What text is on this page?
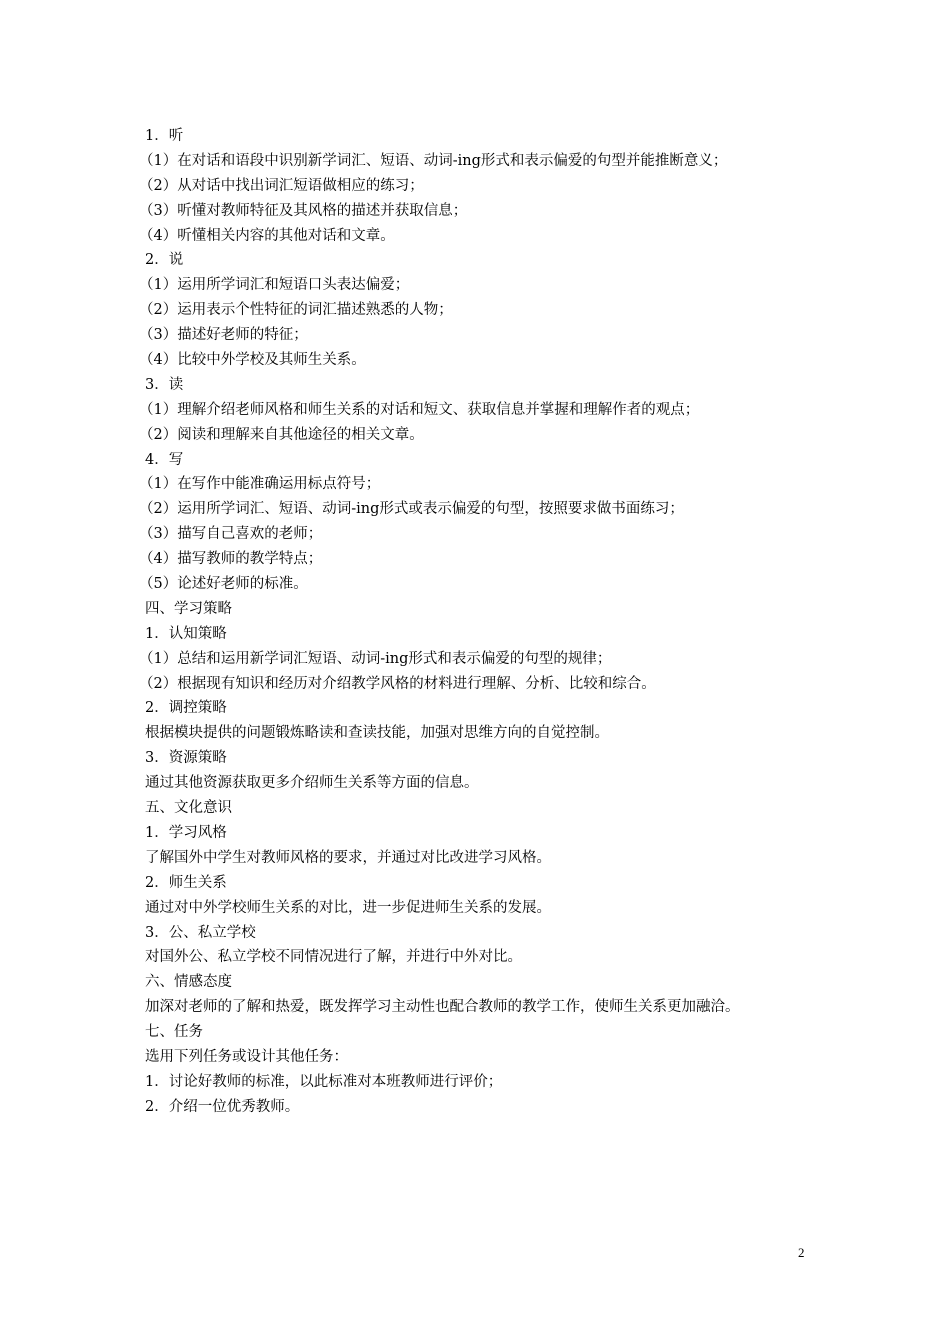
1．听
（1）在对话和语段中识别新学词汇、短语、动词-ing形式和表示偏爱的句型并能推断意义；
（2）从对话中找出词汇短语做相应的练习；
（3）听懂对教师特征及其风格的描述并获取信息；
（4）听懂相关内容的其他对话和文章。
2．说
（1）运用所学词汇和短语口头表达偏爱；
（2）运用表示个性特征的词汇描述熟悉的人物；
（3）描述好老师的特征；
（4）比较中外学校及其师生关系。
3．读
（1）理解介绍老师风格和师生关系的对话和短文、获取信息并掌握和理解作者的观点；
（2）阅读和理解来自其他途径的相关文章。
4．写
（1）在写作中能准确运用标点符号；
（2）运用所学词汇、短语、动词-ing形式或表示偏爱的句型，按照要求做书面练习；
（3）描写自己喜欢的老师；
（4）描写教师的教学特点；
（5）论述好老师的标准。
四、学习策略
1．认知策略
（1）总结和运用新学词汇短语、动词-ing形式和表示偏爱的句型的规律；
（2）根据现有知识和经历对介绍教学风格的材料进行理解、分析、比较和综合。
2．调控策略
根据模块提供的问题锻炼略读和查读技能，加强对思维方向的自觉控制。
3．资源策略
通过其他资源获取更多介绍师生关系等方面的信息。
五、文化意识
1．学习风格
了解国外中学生对教师风格的要求，并通过对比改进学习风格。
2．师生关系
通过对中外学校师生关系的对比，进一步促进师生关系的发展。
3．公、私立学校
对国外公、私立学校不同情况进行了解，并进行中外对比。
六、情感态度
加深对老师的了解和热爱，既发挥学习主动性也配合教师的教学工作，使师生关系更加融洽。
七、任务
选用下列任务或设计其他任务：
1．讨论好教师的标准，以此标准对本班教师进行评价；
2．介绍一位优秀教师。
2
